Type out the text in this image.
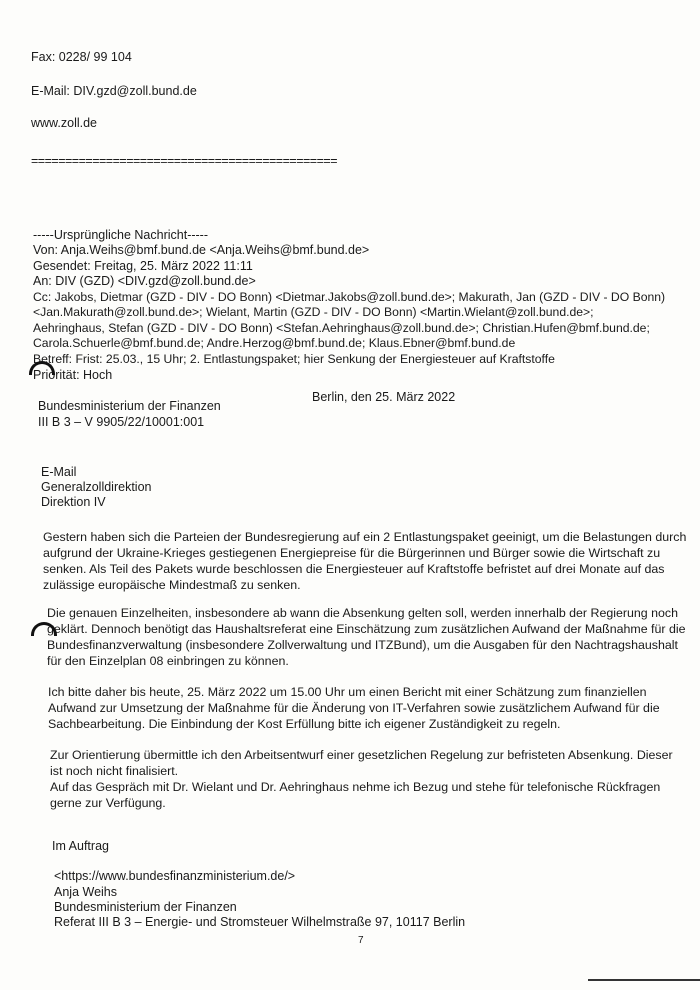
Fax: 0228/ 99 104
E-Mail: DIV.gzd@zoll.bund.de
www.zoll.de
=============================================
-----Ursprüngliche Nachricht-----
Von: Anja.Weihs@bmf.bund.de <Anja.Weihs@bmf.bund.de>
Gesendet: Freitag, 25. März 2022 11:11
An: DIV (GZD) <DIV.gzd@zoll.bund.de>
Cc: Jakobs, Dietmar (GZD - DIV - DO Bonn) <Dietmar.Jakobs@zoll.bund.de>; Makurath, Jan (GZD - DIV - DO Bonn)
<Jan.Makurath@zoll.bund.de>; Wielant, Martin (GZD - DIV - DO Bonn) <Martin.Wielant@zoll.bund.de>;
Aehringhaus, Stefan (GZD - DIV - DO Bonn) <Stefan.Aehringhaus@zoll.bund.de>; Christian.Hufen@bmf.bund.de;
Carola.Schuerle@bmf.bund.de; Andre.Herzog@bmf.bund.de; Klaus.Ebner@bmf.bund.de
Betreff: Frist: 25.03., 15 Uhr; 2. Entlastungspaket; hier Senkung der Energiesteuer auf Kraftstoffe
Priorität: Hoch
Bundesministerium der Finanzen
III B 3 – V 9905/22/10001:001
Berlin, den 25. März 2022
E-Mail
Generalzolldirektion
Direktion IV
Gestern haben sich die Parteien der Bundesregierung auf ein 2 Entlastungspaket geeinigt, um die Belastungen durch
aufgrund der Ukraine-Krieges gestiegenen Energiepreise für die Bürgerinnen und Bürger sowie die Wirtschaft zu
senken. Als Teil des Pakets wurde beschlossen die Energiesteuer auf Kraftstoffe befristet auf drei Monate auf das
zulässige europäische Mindestmaß zu senken.
Die genauen Einzelheiten, insbesondere ab wann die Absenkung gelten soll, werden innerhalb der Regierung noch
geklärt. Dennoch benötigt das Haushaltsreferat eine Einschätzung zum zusätzlichen Aufwand der Maßnahme für die
Bundesfinanzverwaltung (insbesondere Zollverwaltung und ITZBund), um die Ausgaben für den Nachtragshaushalt
für den Einzelplan 08 einbringen zu können.
Ich bitte daher bis heute, 25. März 2022 um 15.00 Uhr um einen Bericht mit einer Schätzung zum finanziellen
Aufwand zur Umsetzung der Maßnahme für die Änderung von IT-Verfahren sowie zusätzlichem Aufwand für die
Sachbearbeitung. Die Einbindung der Kost Erfüllung bitte ich eigener Zuständigkeit zu regeln.
Zur Orientierung übermittle ich den Arbeitsentwurf einer gesetzlichen Regelung zur befristeten Absenkung. Dieser
ist noch nicht finalisiert.
Auf das Gespräch mit Dr. Wielant und Dr. Aehringhaus nehme ich Bezug und stehe für telefonische Rückfragen
gerne zur Verfügung.
Im Auftrag
<https://www.bundesfinanzministerium.de/>
Anja Weihs
Bundesministerium der Finanzen
Referat III B 3 – Energie- und Stromsteuer Wilhelmstraße 97, 10117 Berlin
7
